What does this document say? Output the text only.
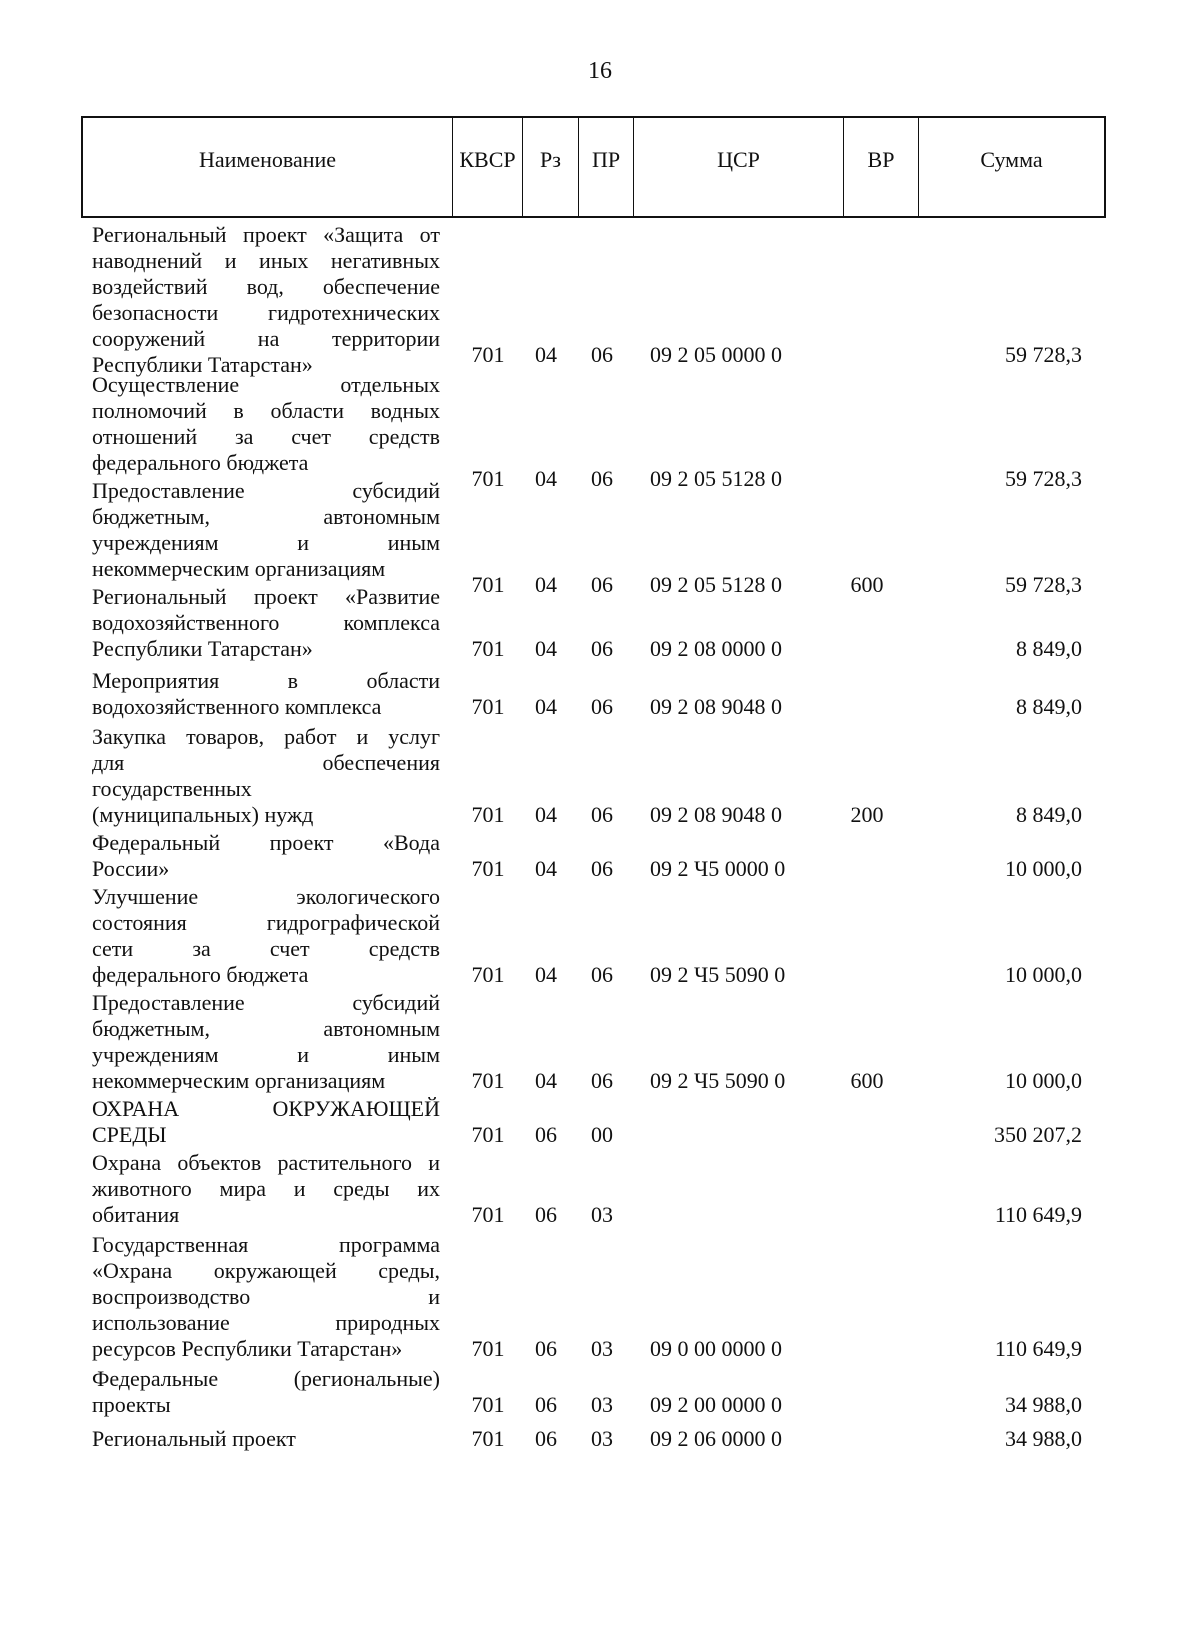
16
Наименование	КВСР	Рз	ПР	ЦСР	ВР	Сумма
Региональный проект «Защита от
наводнений и иных негативных
воздействий вод, обеспечение
безопасности гидротехнических
сооружений на территории
Республики Татарстан»	701	04	06	09 2 05 0000 0	59 728,3
Осуществление отдельных
полномочий в области водных
отношений за счет средств
федерального бюджета
701	04	06	09 2 05 5128 0	59 728,3
Предоставление субсидий
бюджетным, автономным
учреждениям и иным
некоммерческим организациям
701	04	06	09 2 05 5128 0	600	59 728,3
Региональный проект «Развитие
водохозяйственного комплекса
Республики Татарстан»	701	04	06	09 2 08 0000 0	8 849,0
Мероприятия в области
водохозяйственного комплекса	701	04	06	09 2 08 9048 0	8 849,0
Закупка товаров, работ и услуг
для обеспечения
государственных
(муниципальных) нужд	701	04	06	09 2 08 9048 0	200	8 849,0
Федеральный проект «Вода
России»	701	04	06	09 2 Ч5 0000 0	10 000,0
Улучшение экологического
состояния гидрографической
сети за счет средств
федерального бюджета	701	04	06	09 2 Ч5 5090 0	10 000,0
Предоставление субсидий
бюджетным, автономным
учреждениям и иным
некоммерческим организациям	701	04	06	09 2 Ч5 5090 0	600	10 000,0
ОХРАНА ОКРУЖАЮЩЕЙ
СРЕДЫ	701	06	00	350 207,2
Охрана объектов растительного и
животного мира и среды их
обитания	701	06	03	110 649,9
Государственная программа
«Охрана окружающей среды,
воспроизводство и
использование природных
ресурсов Республики Татарстан»	701	06	03	09 0 00 0000 0	110 649,9
Федеральные (региональные)
проекты	701	06	03	09 2 00 0000 0	34 988,0
Региональный проект	701	06	03	09 2 06 0000 0	34 988,0
